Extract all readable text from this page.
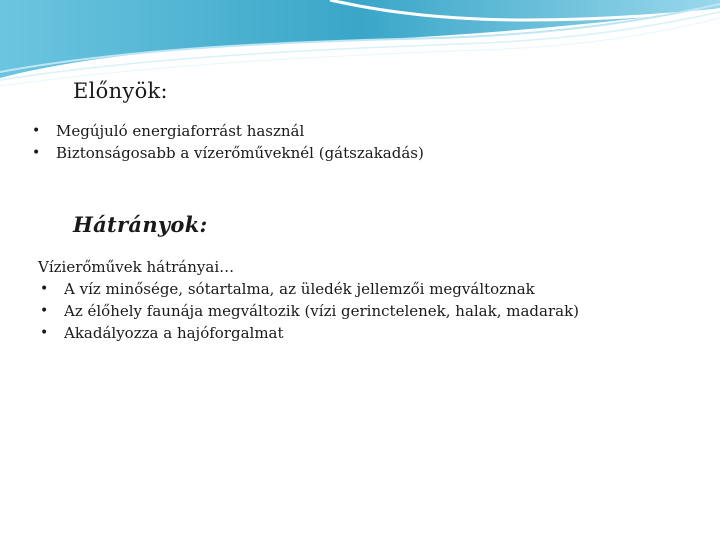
Előnyök:
• Megújuló energiaforrást használ
• Biztonságosabb a vízerőműveknél (gátszakadás)
Hátrányok:

Vízierőművek hátrányai…

• A víz minősége, sótartalma, az üledék jellemzői megváltoznak
• Az élőhely faunája megváltozik (vízi gerinctelenek, halak, madarak)
• Akadályozza a hajóforgalmat
